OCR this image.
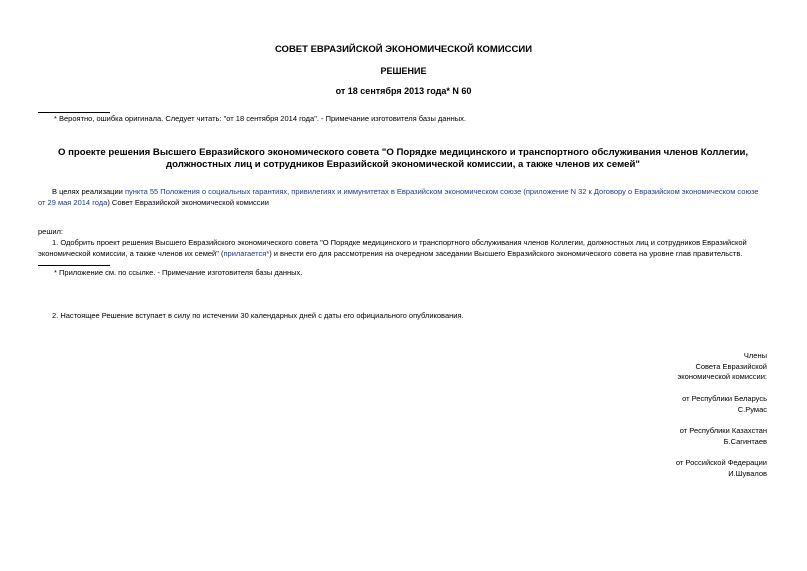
СОВЕТ ЕВРАЗИЙСКОЙ ЭКОНОМИЧЕСКОЙ КОМИССИИ
РЕШЕНИЕ
от 18 сентября 2013 года* N 60
* Вероятно, ошибка оригинала. Следует читать: "от 18 сентября 2014 года". - Примечание изготовителя базы данных.
О проекте решения Высшего Евразийского экономического совета "О Порядке медицинского и транспортного обслуживания членов Коллегии, должностных лиц и сотрудников Евразийской экономической комиссии, а также членов их семей"
В целях реализации пункта 55 Положения о социальных гарантиях, привилегиях и иммунитетах в Евразийском экономическом союзе (приложение N 32 к Договору о Евразийском экономическом союзе от 29 мая 2014 года) Совет Евразийской экономической комиссии
решил:
1. Одобрить проект решения Высшего Евразийского экономического совета "О Порядке медицинского и транспортного обслуживания членов Коллегии, должностных лиц и сотрудников Евразийской экономической комиссии, а также членов их семей" (прилагается*) и внести его для рассмотрения на очередном заседании Высшего Евразийского экономического совета на уровне глав правительств.
* Приложение см. по ссылке. - Примечание изготовителя базы данных.
2. Настоящее Решение вступает в силу по истечении 30 календарных дней с даты его официального опубликования.
Члены
Совета Евразийской
экономической комиссии:
от Республики Беларусь
С.Румас
от Республики Казахстан
Б.Сагинтаев
от Российской Федерации
И.Шувалов
